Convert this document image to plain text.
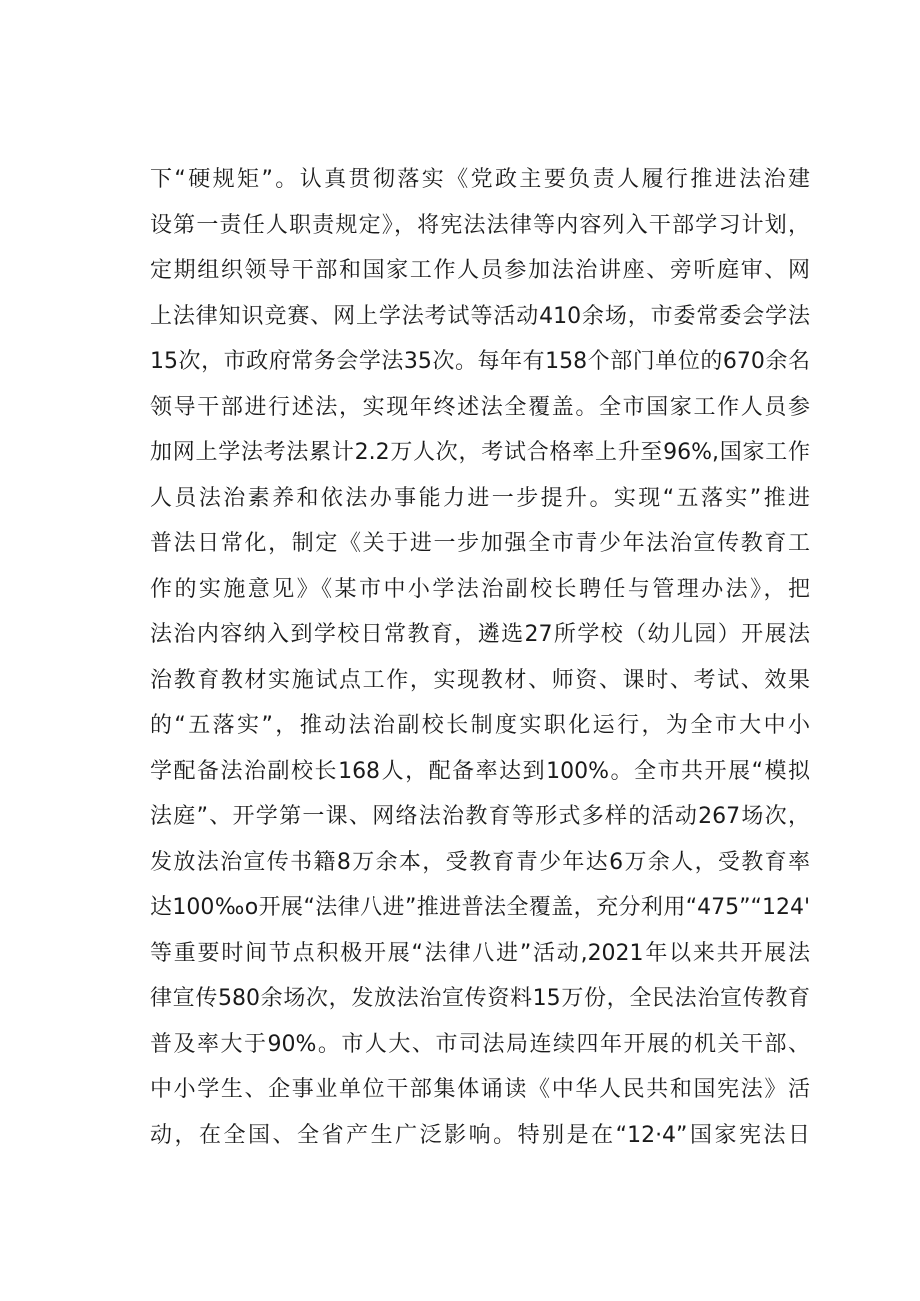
下“硬规矩”。认真贯彻落实《党政主要负责人履行推进法治建
设第一责任人职责规定》，将宪法法律等内容列入干部学习计划，
定期组织领导干部和国家工作人员参加法治讲座、旁听庭审、网
上法律知识竞赛、网上学法考试等活动410余场，市委常委会学法
15次，市政府常务会学法35次。每年有158个部门单位的670余名
领导干部进行述法，实现年终述法全覆盖。全市国家工作人员参
加网上学法考法累计2.2万人次，考试合格率上升至96%,国家工作
人员法治素养和依法办事能力进一步提升。实现“五落实”推进
普法日常化，制定《关于进一步加强全市青少年法治宣传教育工
作的实施意见》《某市中小学法治副校长聘任与管理办法》，把
法治内容纳入到学校日常教育，遴选27所学校（幼儿园）开展法
治教育教材实施试点工作，实现教材、师资、课时、考试、效果
的“五落实”，推动法治副校长制度实职化运行，为全市大中小
学配备法治副校长168人，配备率达到100%。全市共开展“模拟
法庭”、开学第一课、网络法治教育等形式多样的活动267场次，
发放法治宣传书籍8万余本，受教育青少年达6万余人，受教育率
达100‰o开展“法律八进”推进普法全覆盖，充分利用“475”“124'
等重要时间节点积极开展“法律八进”活动,2021年以来共开展法
律宣传580余场次，发放法治宣传资料15万份，全民法治宣传教育
普及率大于90%。市人大、市司法局连续四年开展的机关干部、
中小学生、企事业单位干部集体诵读《中华人民共和国宪法》活
动，在全国、全省产生广泛影响。特别是在“12·4”国家宪法日
